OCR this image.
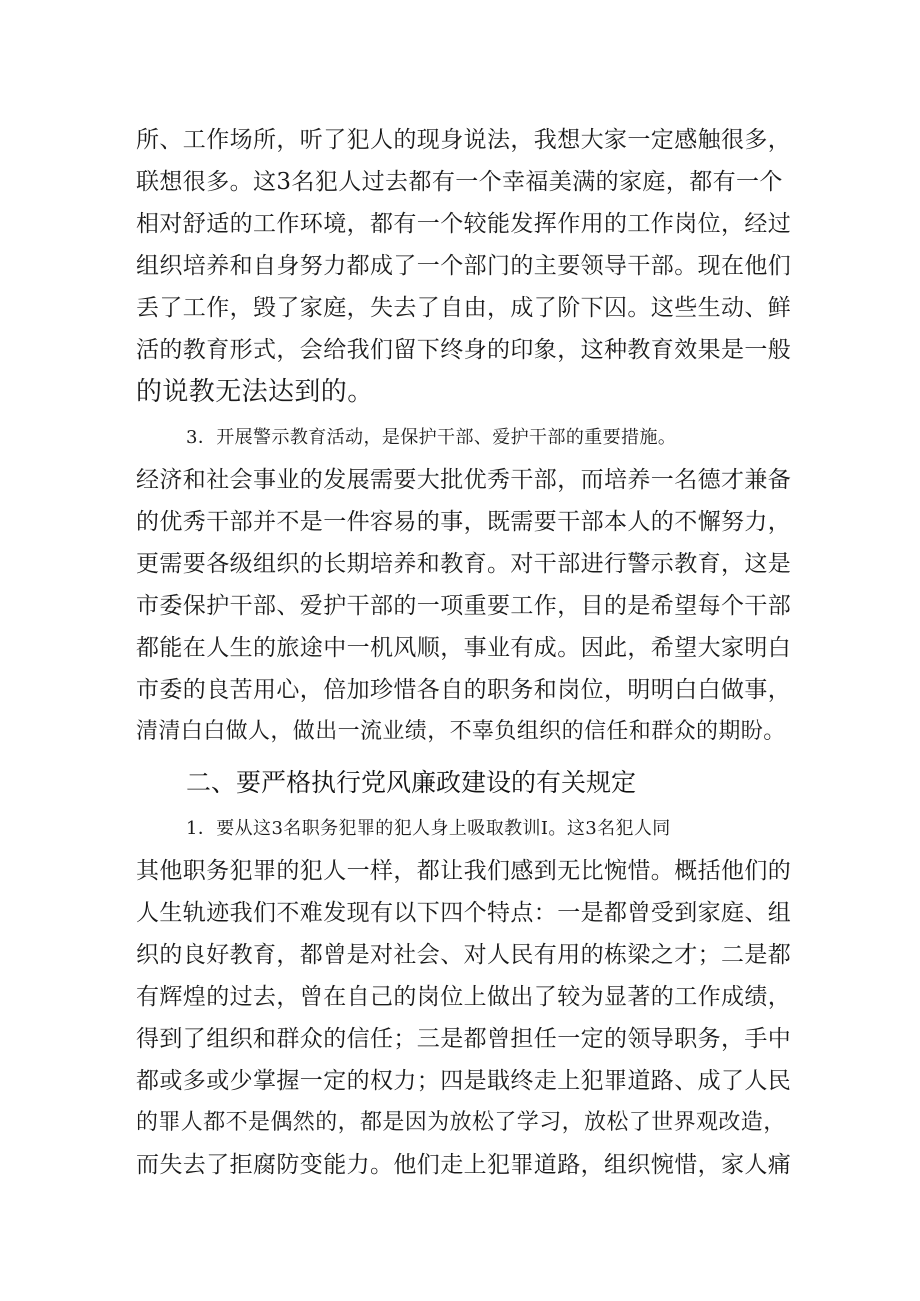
所、工作场所，听了犯人的现身说法，我想大家一定感触很多，
联想很多。这3名犯人过去都有一个幸福美满的家庭，都有一个
相对舒适的工作环境，都有一个较能发挥作用的工作岗位，经过
组织培养和自身努力都成了一个部门的主要领导干部。现在他们
丢了工作，毁了家庭，失去了自由，成了阶下囚。这些生动、鲜
活的教育形式，会给我们留下终身的印象，这种教育效果是一般
的说教无法达到的。
3．开展警示教育活动，是保护干部、爱护干部的重要措施。
经济和社会事业的发展需要大批优秀干部，而培养一名德才兼备
的优秀干部并不是一件容易的事，既需要干部本人的不懈努力，
更需要各级组织的长期培养和教育。对干部进行警示教育，这是
市委保护干部、爱护干部的一项重要工作，目的是希望每个干部
都能在人生的旅途中一机风顺，事业有成。因此，希望大家明白
市委的良苦用心，倍加珍惜各自的职务和岗位，明明白白做事，
清清白白做人，做出一流业绩，不辜负组织的信任和群众的期盼。
二、要严格执行党风廉政建设的有关规定
1．要从这3名职务犯罪的犯人身上吸取教训I。这3名犯人同
其他职务犯罪的犯人一样，都让我们感到无比惋惜。概括他们的
人生轨迹我们不难发现有以下四个特点：一是都曾受到家庭、组
织的良好教育，都曾是对社会、对人民有用的栋梁之才；二是都
有辉煌的过去，曾在自己的岗位上做出了较为显著的工作成绩，
得到了组织和群众的信任；三是都曾担任一定的领导职务，手中
都或多或少掌握一定的权力；四是戢终走上犯罪道路、成了人民
的罪人都不是偶然的，都是因为放松了学习，放松了世界观改造，
而失去了拒腐防变能力。他们走上犯罪道路，组织惋惜，家人痛
